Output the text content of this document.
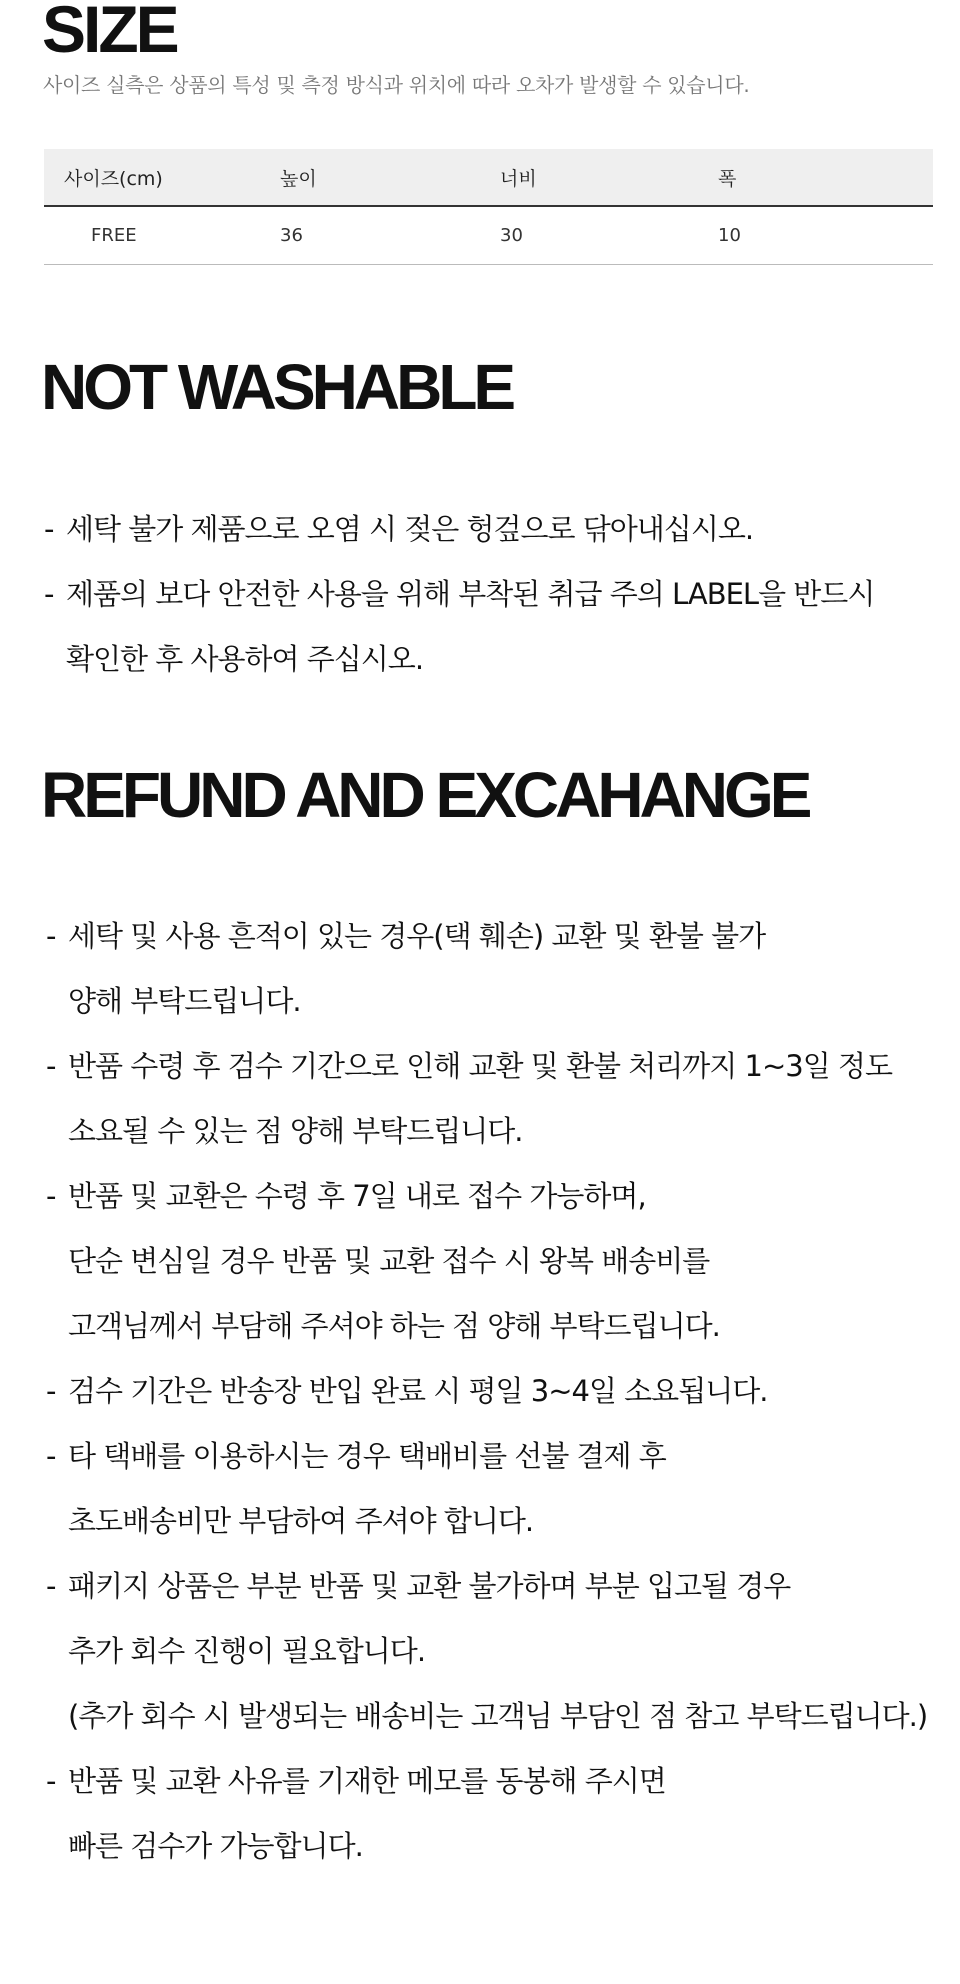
SIZE

사이즈 실측은 상품의 특성 및 측정 방식과 위치에 따라 오차가 발생할 수 있습니다.

사이즈(cm)	높이	너비	폭
FREE	36	30	10
NOT WASHABLE
- 세탁 불가 제품으로 오염 시 젖은 헝겊으로 닦아내십시오.
- 제품의 보다 안전한 사용을 위해 부착된 취급 주의 LABEL을 반드시
확인한 후 사용하여 주십시오.
REFUND AND EXCAHANGE
- 세탁 및 사용 흔적이 있는 경우(택 훼손) 교환 및 환불 불가
양해 부탁드립니다.
- 반품 수령 후 검수 기간으로 인해 교환 및 환불 처리까지 1~3일 정도
소요될 수 있는 점 양해 부탁드립니다.
- 반품 및 교환은 수령 후 7일 내로 접수 가능하며,
단순 변심일 경우 반품 및 교환 접수 시 왕복 배송비를
고객님께서 부담해 주셔야 하는 점 양해 부탁드립니다.
- 검수 기간은 반송장 반입 완료 시 평일 3~4일 소요됩니다.
- 타 택배를 이용하시는 경우 택배비를 선불 결제 후
초도배송비만 부담하여 주셔야 합니다.
- 패키지 상품은 부분 반품 및 교환 불가하며 부분 입고될 경우
추가 회수 진행이 필요합니다.
(추가 회수 시 발생되는 배송비는 고객님 부담인 점 참고 부탁드립니다.)
- 반품 및 교환 사유를 기재한 메모를 동봉해 주시면
빠른 검수가 가능합니다.
